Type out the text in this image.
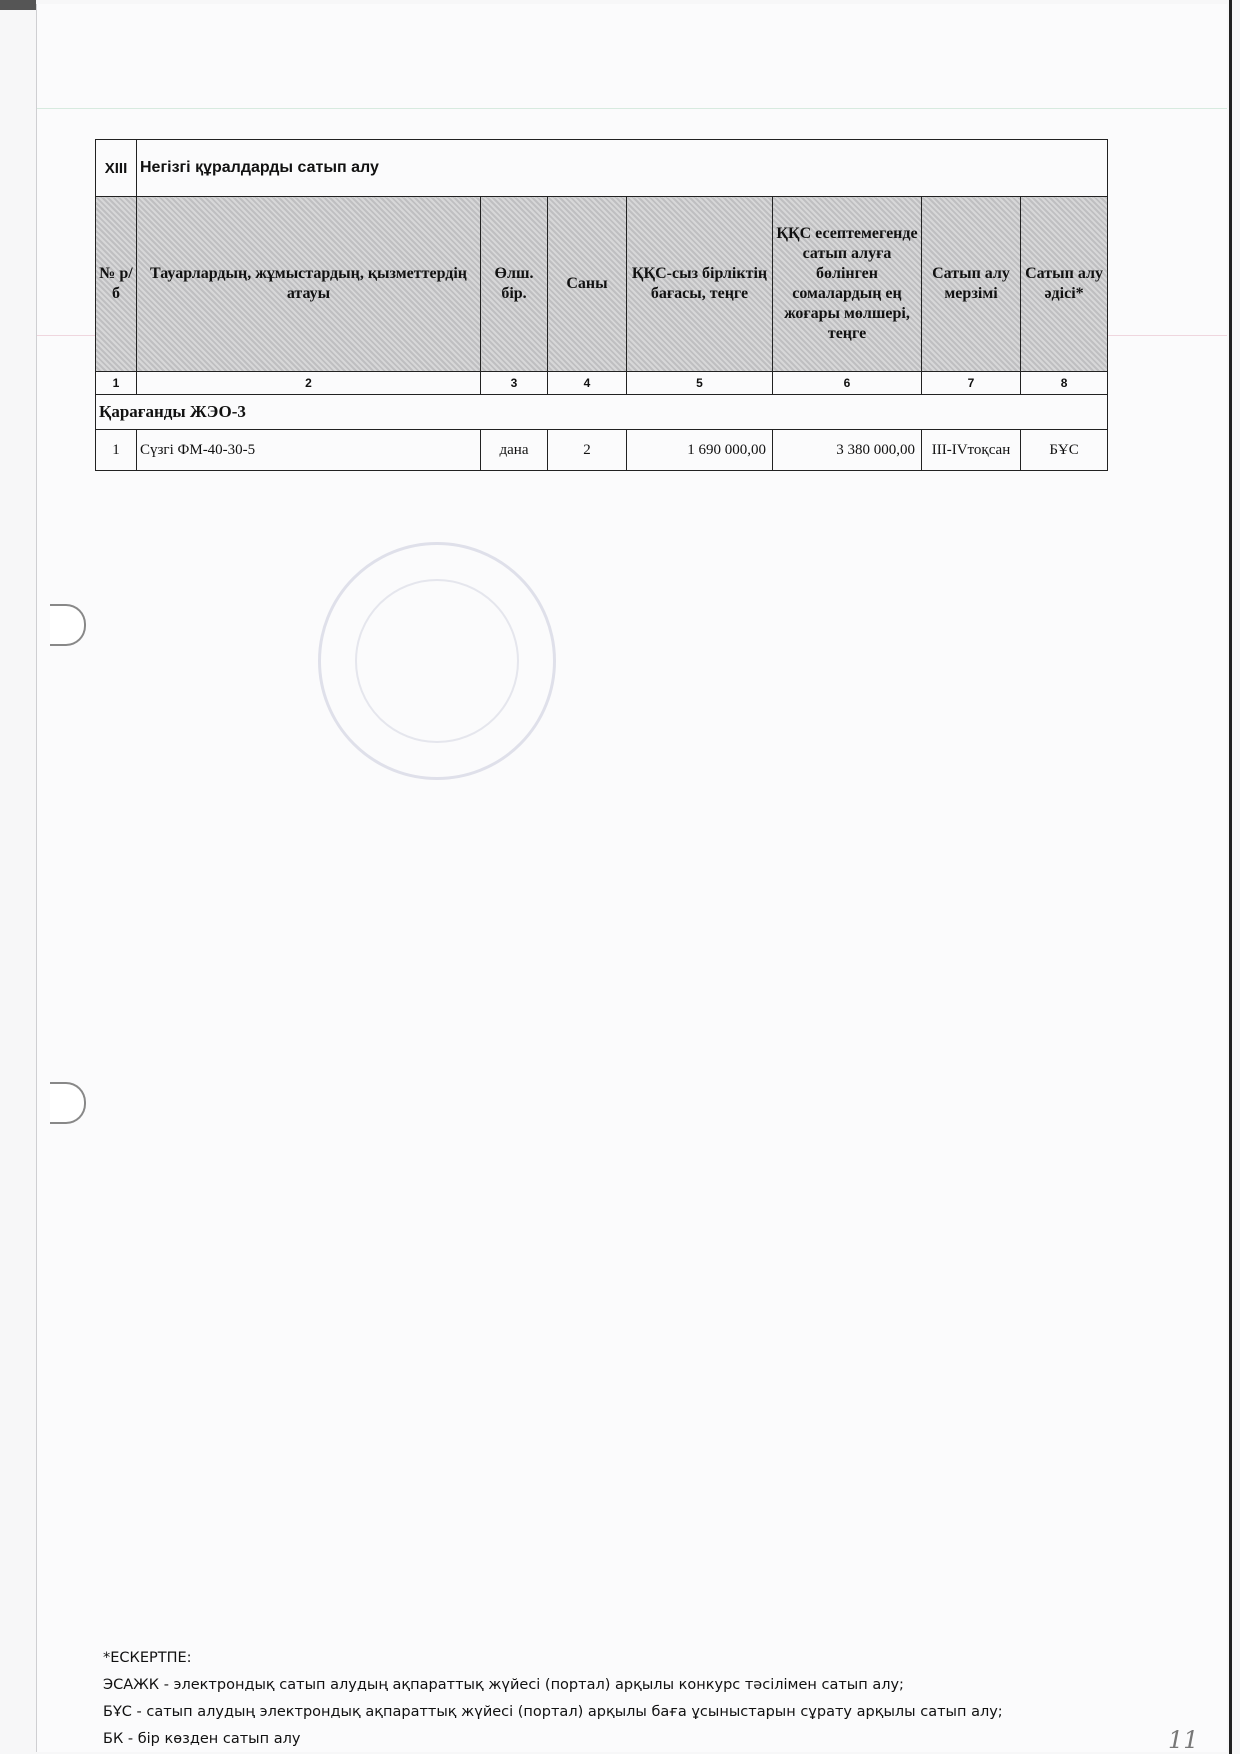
XIII	Негізгі құралдарды сатып алу						
№ р/б	Тауарлардың, жұмыстардың, қызметтердің атауы	Өлш. бір.	Саны	ҚҚС-сыз бірліктің бағасы, теңге	ҚҚС есептемегенде сатып алуға бөлінген сомалардың ең жоғары мөлшері, теңге	Сатып алу мерзімі	Сатып алу әдісі*
1	2	3	4	5	6	7	8
Қарағанды ЖЭО-3							
1	Сүзгі ФМ-40-30-5	дана	2	1 690 000,00	3 380 000,00	III-IVтоқсан	БҰС
*ЕСКЕРТПЕ:
ЭСАЖК - электрондық сатып алудың ақпараттық жүйесі (портал) арқылы конкурс тәсілімен сатып алу;
БҰС - сатып алудың электрондық ақпараттық жүйесі (портал) арқылы баға ұсыныстарын сұрату арқылы сатып алу;
БК - бір көзден сатып алу	11
